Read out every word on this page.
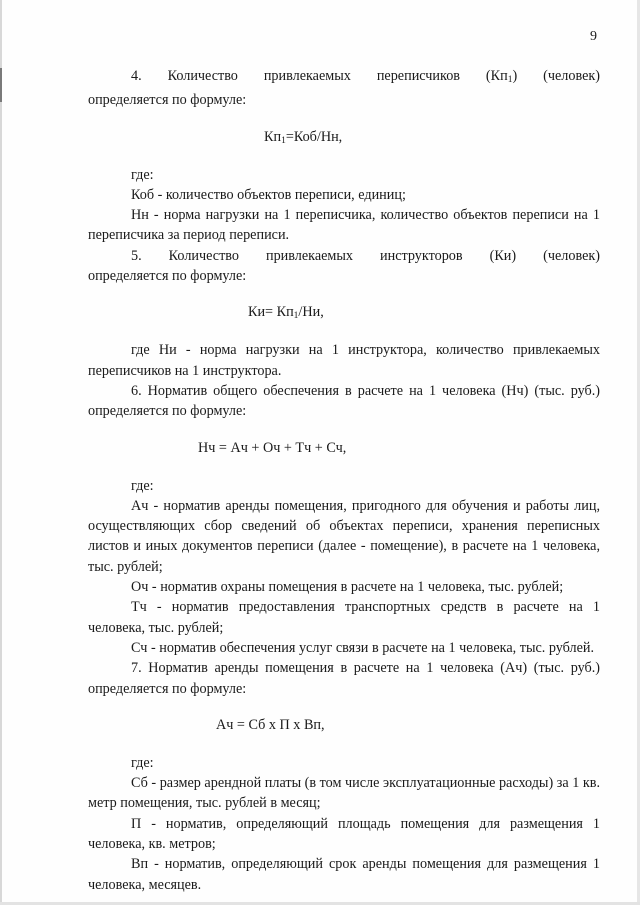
9

4. Количество привлекаемых переписчиков $(Кп_1)$ (человек)

определяется по формуле:

$Кп_1=Коб/Нн$,

где:

Коб - количество объектов переписи, единиц;

Нн - норма нагрузки на 1 переписчика, количество объектов переписи на 1 переписчика за период переписи.

5. Количество привлекаемых инструкторов (Ки) (человек)

определяется по формуле:

$Ки= Кп_1/Ни$,

где Ни - норма нагрузки на 1 инструктора, количество привлекаемых переписчиков на 1 инструктора.

6. Норматив общего обеспечения в расчете на 1 человека (Нч) (тыс. руб.) определяется по формуле:

Нч = Ач + Оч + Тч + Сч,

где:

Ач - норматив аренды помещения, пригодного для обучения и работы лиц, осуществляющих сбор сведений об объектах переписи, хранения переписных листов и иных документов переписи (далее - помещение), в расчете на 1 человека, тыс. рублей;

Оч - норматив охраны помещения в расчете на 1 человека, тыс. рублей;

Тч - норматив предоставления транспортных средств в расчете на 1 человека, тыс. рублей;

Сч - норматив обеспечения услуг связи в расчете на 1 человека, тыс. рублей.

7. Норматив аренды помещения в расчете на 1 человека (Ач) (тыс. руб.) определяется по формуле:

Ач = Сб х П х Вп,

где:

Сб - размер арендной платы (в том числе эксплуатационные расходы) за 1 кв. метр помещения, тыс. рублей в месяц;

П - норматив, определяющий площадь помещения для размещения 1 человека, кв. метров;

Вп - норматив, определяющий срок аренды помещения для размещения 1 человека, месяцев.
